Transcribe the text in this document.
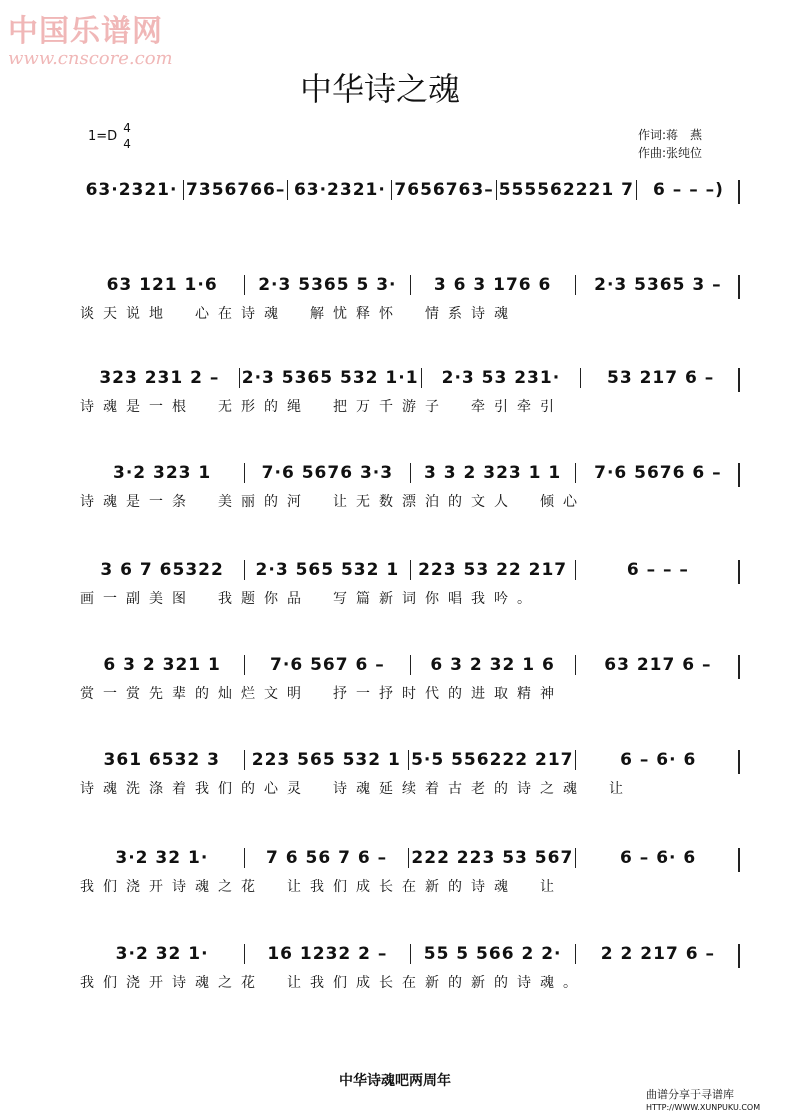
中国乐谱网
www.cnscore.com
中华诗之魂
1=D
4
4
作词:蒋　燕
作曲:张纯位
63·2321· 7356766– 63·2321· 7656763– 555562221 7	6 – – –)
63 121 1·6	2·3 5365 5 3·	3 6 3 176 6	2·3 5365 3 –
谈天说地　心在诗魂　解忧释怀　情系诗魂
323 231 2 –	2·3 5365 532 1·1	2·3 53 231·	53 217 6 –
诗魂是一根　无形的绳　把万千游子　牵引牵引
3·2 323 1	7·6 5676 3·3	3 3 2 323 1 1	7·6 5676 6 –
诗魂是一条　美丽的河　让无数漂泊的文人　倾心
3 6 7 65322	2·3 565 532 1	223 53 22 217	6 – – –
画一副美图　我题你品　写篇新词你唱我吟。
6 3 2 321 1	7·6 567 6 –	6 3 2 32 1 6	63 217 6 –
赏一赏先辈的灿烂文明　抒一抒时代的进取精神
361 6532 3	223 565 532 1 5·5 556222 217	6 – 6· 6
诗魂洗涤着我们的心灵　诗魂延续着古老的诗之魂　让
3·2 32 1·	7 6 56 7 6 –	222 223 53 567	6 – 6· 6
我们浇开诗魂之花　让我们成长在新的诗魂　让
3·2 32 1·	16 1232 2 –	55 5 566 2 2·	2 2 217 6 –
我们浇开诗魂之花　让我们成长在新的新的诗魂。
中华诗魂吧两周年
曲谱分享于寻谱库
HTTP://WWW.XUNPUKU.COM
